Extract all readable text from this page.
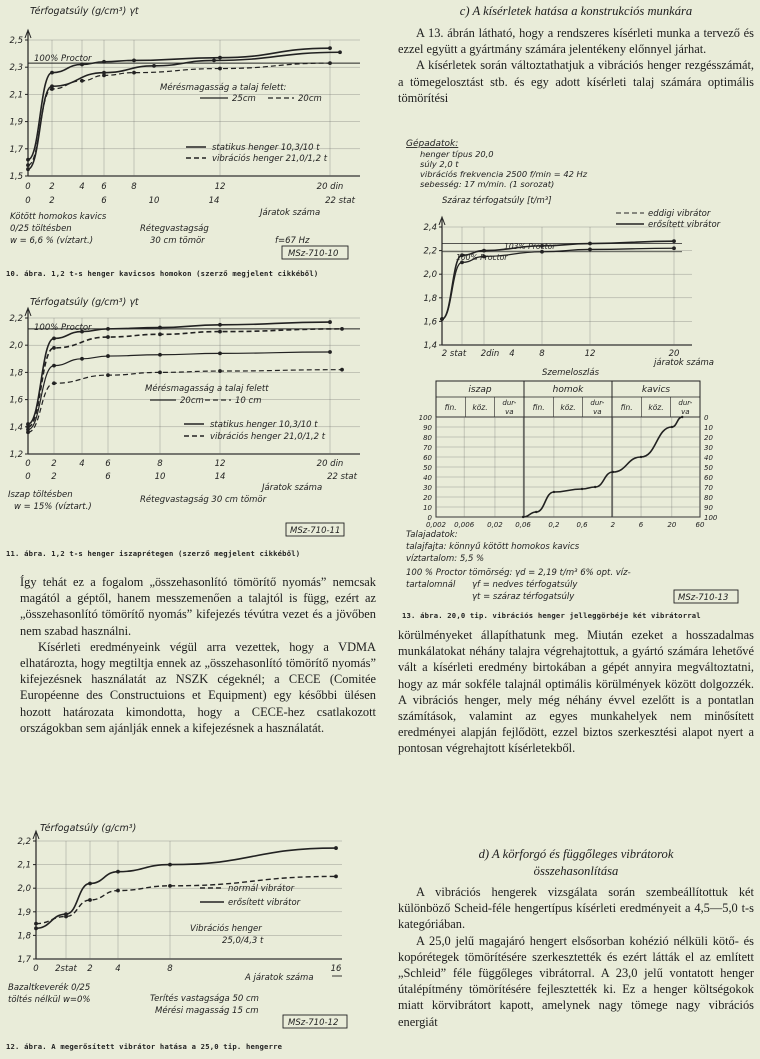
2,5
2,3
2,1
1,9
1,7
1,5
0 2	4 6	8	12	20 din
0 2	6	10	14	22 stat
Térfogatsúly (g/cm³) γt
100% Proctor
Mérésmagasság a talaj felett:
25cm	20cm
statikus henger 10,3/10 t
vibrációs henger 21,0/1,2 t
Járatok száma
Kötött homokos kavics
0/25 töltésben
w = 6,6 % (víztart.)
Rétegvastagság
30 cm tömör	f=67 Hz
MSz-710-10
10. ábra. 1,2 t-s henger kavicsos homokon (szerző megjelent cikkéből)
2,2
2,0
1,8
1,6
1,4
1,2
0 2	4 6	8	12	20 din
0 2	6	10	14	22 stat
Térfogatsúly (g/cm³) γt
100% Proctor
Mérésmagasság a talaj felett
20cm	10 cm
statikus henger 10,3/10 t
vibrációs henger 21,0/1,2 t
Járatok száma
Iszap töltésben
w = 15% (víztart.)
Rétegvastagság 30 cm tömör
MSz-710-11
11. ábra. 1,2 t-s henger iszaprétegen (szerző megjelent cikkéből)

Így tehát ez a fogalom „összehasonlító tömörítő nyomás” nemcsak magától a géptől, hanem messzemenően a talajtól is függ, ezért az „összehasonlító tömörítő nyomás” kifejezés tévútra vezet és a jövőben nem szabad használni.

Kísérleti eredményeink végül arra vezettek, hogy a VDMA elhatározta, hogy megtiltja ennek az „összehasonlító tömörítő nyomás” kifejezésnek használatát az NSZK cégeknél; a CECE (Comitée Européenne des Constructuions et Equipment) egy későbbi ülésen hozott határozata kimondotta, hogy a CECE-hez csatlakozott országokban sem ajánlják ennek a kifejezésnek a használatát.

2,2
2,1
2,0
1,9
1,8
1,7
0 2stat 2	4	8	16
Térfogatsúly (g/cm³)
normál vibrátor
erősített vibrátor
Vibrációs henger
25,0/4,3 t
A járatok száma
Bazaltkeverék 0/25
töltés nélkül w=0%	Terítés vastagsága 50 cm
Mérési magasság 15 cm
MSz-710-12
12. ábra. A megerősített vibrátor hatása a 25,0 tip. hengerre
c) A kísérletek hatása a konstrukciós munkára

A 13. ábrán látható, hogy a rendszeres kísérleti munka a tervező és ezzel együtt a gyártmány számára jelentékeny előnnyel járhat.

A kísérletek során változtathatjuk a vibrációs henger rezgésszámát, a tömegelosztást stb. és egy adott kísérleti talaj számára optimális tömörítési

2,4
2,2
2,0
1,8
1,6
1,4
2 stat 2din 4	8	12	20
iszap	homok	kavics
fin. köz. dur-
va	fin. köz. dur-
va	fin. köz. dur-
va
100	0
90	10
80	20
70	30
60	40
50	50
40	60
30	70
20	80
10	90
0	100
0,002 0,006 0,02 0,06 0,2 0,6	2	6	20	60
Gépadatok:
henger típus 20,0
súly 2,0 t
vibrációs frekvencia 2500 f/min = 42 Hz
sebesség: 17 m/min. (1 sorozat)
Száraz térfogatsúly [t/m³]
eddigi vibrátor
erősített vibrátor
103% Proctor
100% Proctor
járatok száma
Szemeloszlás
Talajadatok:
talajfajta: könnyű kötött homokos kavics
víztartalom: 5,5 %
100 % Proctor tömörség: γd = 2,19 t/m³ 6% opt. víz-
tartalomnál γf = nedves térfogatsúly
γt = száraz térfogatsúly	MSz-710-13
13. ábra. 20,0 tip. vibrációs henger jelleggörbéje két vibrátorral

körülményeket állapíthatunk meg. Miután ezeket a hosszadalmas munkálatokat néhány talajra végrehajtottuk, a gyártó számára lehetővé vált a kísérleti eredmény birtokában a gépét annyira megváltoztatni, hogy az már sokféle talajnál optimális körülmények között dolgozzék. A vibrációs henger, mely még néhány évvel ezelőtt is a pontatlan számítások, valamint az egyes munkahelyek nem minősített eredményei alapján fejlődött, ezzel biztos szerkesztési alapot nyert a pontosan végrehajtott kísérletekből.

d) A körforgó és függőleges vibrátorok
összehasonlítása

A vibrációs hengerek vizsgálata során szembeállítottuk két különböző Scheid-féle hengertípus kísérleti eredményeit a 4,5—5,0 t-s kategóriában.

A 25,0 jelű magajáró hengert elsősorban kohézió nélküli kötő- és kopórétegek tömörítésére szerkesztették és ezért látták el az említett „Schleid” féle függőleges vibrátorral. A 23,0 jelű vontatott henger útalépítmény tömörítésére fejlesztették ki. Ez a henger költségokok miatt körvibrátort kapott, amelynek nagy tömege nagy vibrációs energiát
